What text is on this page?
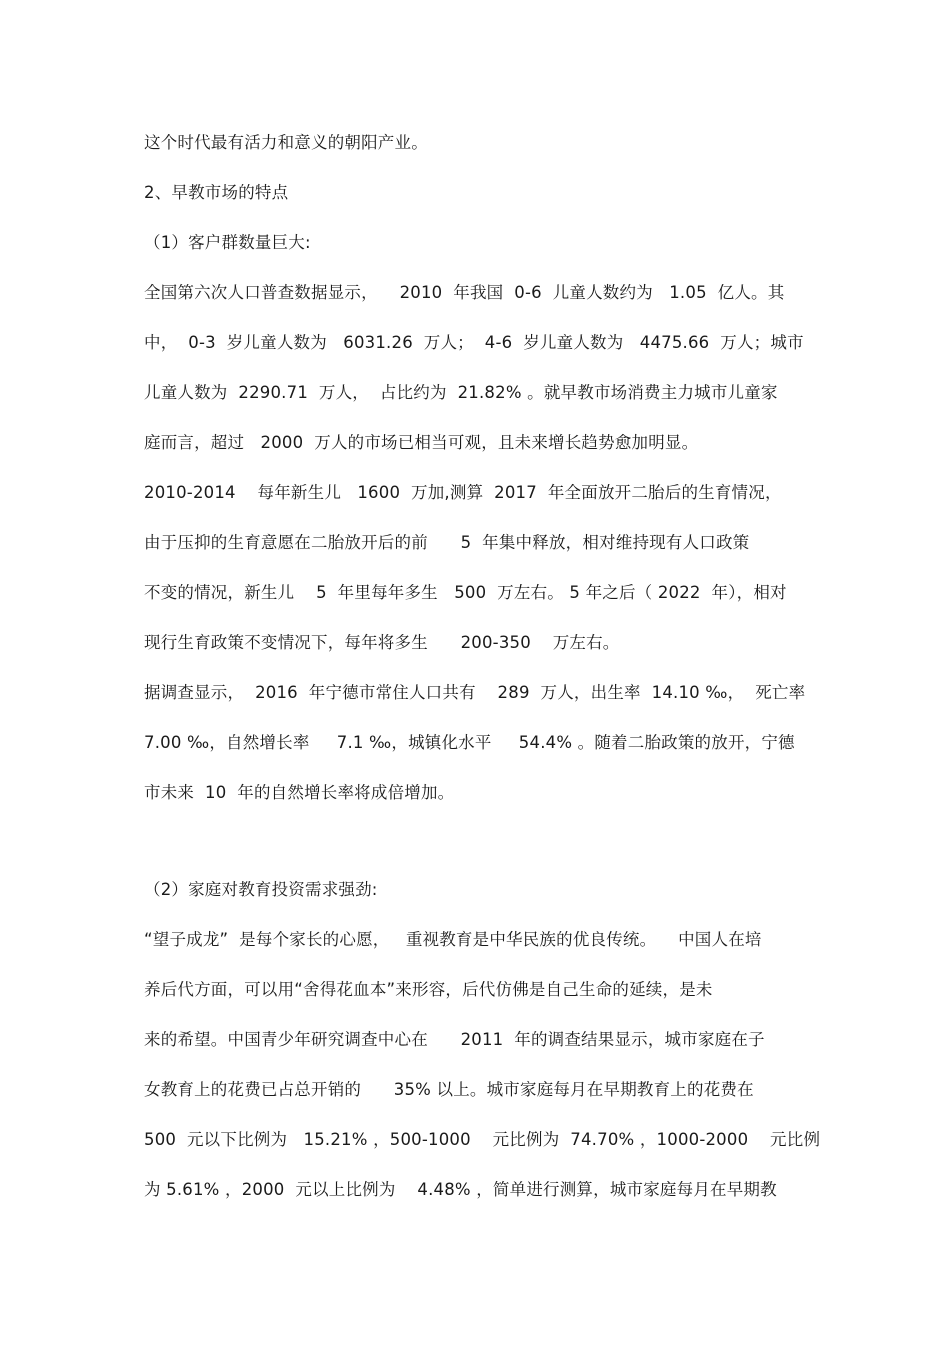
这个时代最有活力和意义的朝阳产业。
2、早教市场的特点
（1）客户群数量巨大:
全国第六次人口普查数据显示，    2010  年我国  0-6  儿童人数约为   1.05  亿人。其
中，  0-3  岁儿童人数为   6031.26  万人；  4-6  岁儿童人数为   4475.66  万人；城市
儿童人数为  2290.71  万人，  占比约为  21.82% 。就早教市场消费主力城市儿童家
庭而言，超过   2000  万人的市场已相当可观，且未来增长趋势愈加明显。
2010-2014    每年新生儿   1600  万加,测算  2017  年全面放开二胎后的生育情况，
由于压抑的生育意愿在二胎放开后的前      5  年集中释放，相对维持现有人口政策
不变的情况，新生儿    5  年里每年多生   500  万左右。 5 年之后（ 2022  年），相对
现行生育政策不变情况下，每年将多生      200-350    万左右。
据调查显示，  2016  年宁德市常住人口共有    289  万人，出生率  14.10 ‰，  死亡率
7.00 ‰，自然增长率     7.1 ‰，城镇化水平     54.4% 。随着二胎政策的放开，宁德
市未来  10  年的自然增长率将成倍增加。
（2）家庭对教育投资需求强劲:
“望子成龙”  是每个家长的心愿，   重视教育是中华民族的优良传统。    中国人在培
养后代方面，可以用“舍得花血本”来形容，后代仿佛是自己生命的延续，是未
来的希望。中国青少年研究调查中心在      2011  年的调查结果显示，城市家庭在子
女教育上的花费已占总开销的      35% 以上。城市家庭每月在早期教育上的花费在
500  元以下比例为   15.21% ，500-1000    元比例为  74.70% ，1000-2000    元比例
为 5.61% ，2000  元以上比例为    4.48% ，简单进行测算，城市家庭每月在早期教
